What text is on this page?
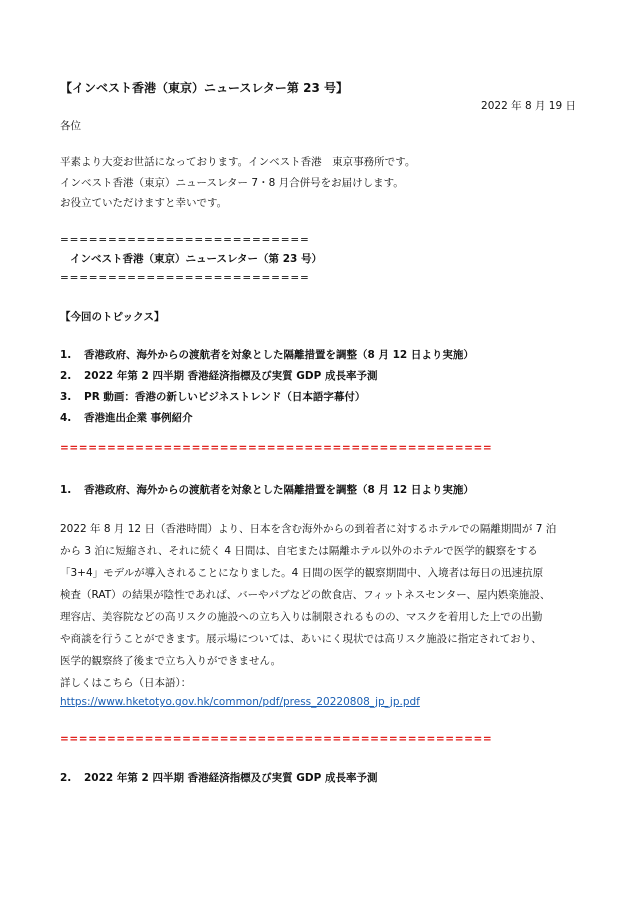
【インベスト香港（東京）ニュースレター第 23 号】
2022 年 8 月 19 日
各位
平素より大変お世話になっております。インベスト香港　東京事務所です。
インベスト香港（東京）ニュースレター 7・8 月合併号をお届けします。
お役立ていただけますと幸いです。
==========================
インベスト香港（東京）ニュースレター（第 23 号）
==========================
【今回のトピックス】
1. 香港政府、海外からの渡航者を対象とした隔離措置を調整（8 月 12 日より実施）
2. 2022 年第 2 四半期 香港経済指標及び実質 GDP 成長率予測
3. PR 動画：香港の新しいビジネストレンド（日本語字幕付）
4. 香港進出企業 事例紹介
==============================================
1. 香港政府、海外からの渡航者を対象とした隔離措置を調整（8 月 12 日より実施）
2022 年 8 月 12 日（香港時間）より、日本を含む海外からの到着者に対するホテルでの隔離期間が 7 泊
から 3 泊に短縮され、それに続く 4 日間は、自宅または隔離ホテル以外のホテルで医学的観察をする
「3+4」モデルが導入されることになりました。4 日間の医学的観察期間中、入境者は毎日の迅速抗原
検査（RAT）の結果が陰性であれば、バーやパブなどの飲食店、フィットネスセンター、屋内娯楽施設、
理容店、美容院などの高リスクの施設への立ち入りは制限されるものの、マスクを着用した上での出勤
や商談を行うことができます。展示場については、あいにく現状では高リスク施設に指定されており、
医学的観察終了後まで立ち入りができません。
詳しくはこちら（日本語）：
https://www.hketotyo.gov.hk/common/pdf/press_20220808_jp_jp.pdf
==============================================
2. 2022 年第 2 四半期 香港経済指標及び実質 GDP 成長率予測
